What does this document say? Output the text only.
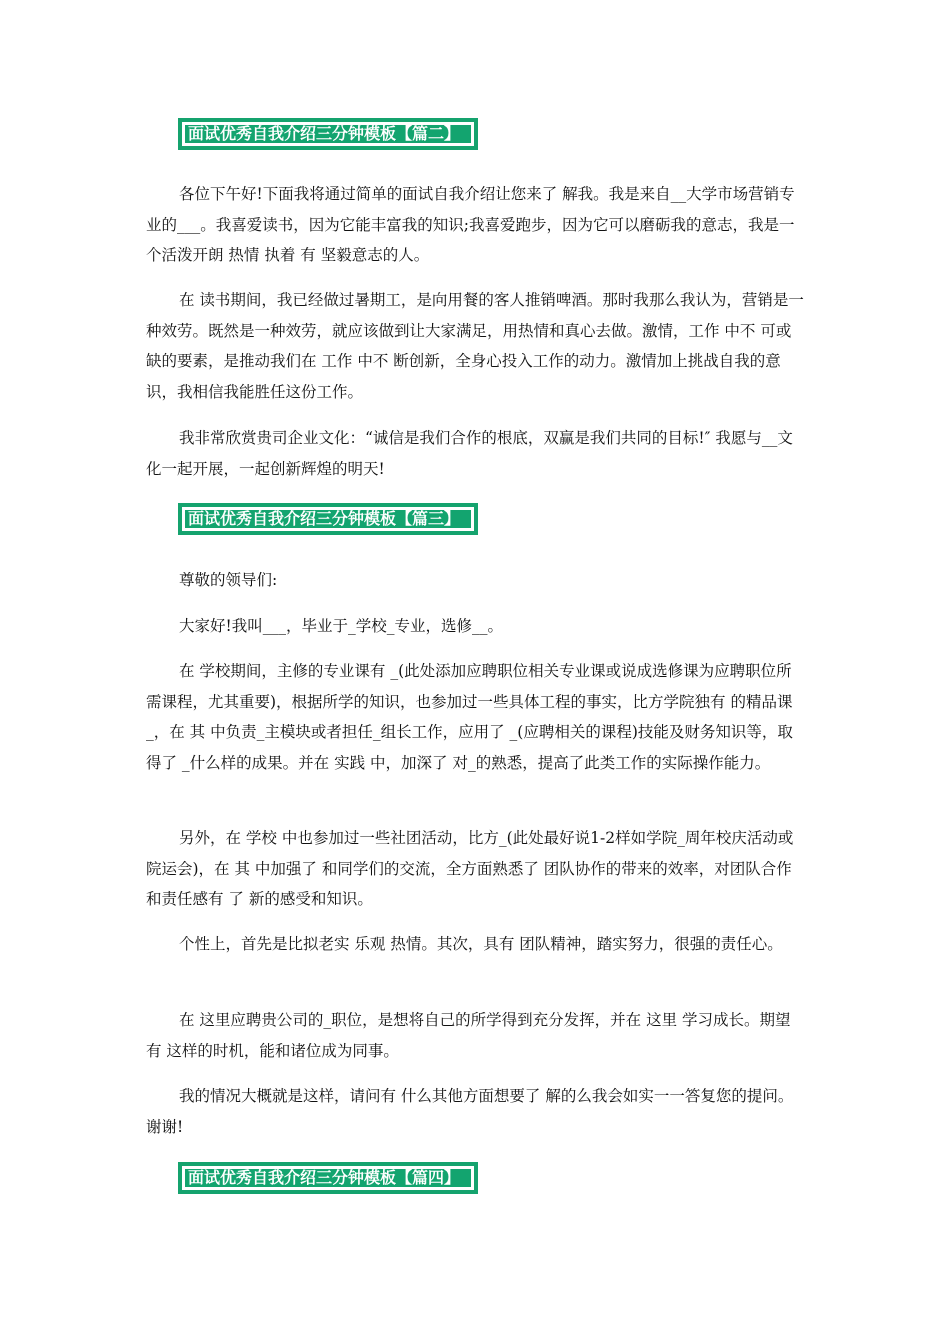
面试优秀自我介绍三分钟模板【篇二】

各位下午好!下面我将通过简单的面试自我介绍让您来了 解我。我是来自__大学市场营销专业的___。我喜爱读书，因为它能丰富我的知识;我喜爱跑步，因为它可以磨砺我的意志，我是一个活泼开朗 热情 执着 有 坚毅意志的人。

在 读书期间，我已经做过暑期工，是向用餐的客人推销啤酒。那时我那么我认为，营销是一种效劳。既然是一种效劳，就应该做到让大家满足，用热情和真心去做。激情，工作 中不 可或缺的要素，是推动我们在 工作 中不 断创新，全身心投入工作的动力。激情加上挑战自我的意识，我相信我能胜任这份工作。

我非常欣赏贵司企业文化：“诚信是我们合作的根底，双赢是我们共同的目标!″ 我愿与__文化一起开展，一起创新辉煌的明天!

面试优秀自我介绍三分钟模板【篇三】

尊敬的领导们:

大家好!我叫___，毕业于_学校_专业，选修__。

在 学校期间，主修的专业课有 _(此处添加应聘职位相关专业课或说成选修课为应聘职位所需课程，尤其重要)，根据所学的知识，也参加过一些具体工程的事实，比方学院独有 的精品课_，在 其 中负责_主模块或者担任_组长工作，应用了 _(应聘相关的课程)技能及财务知识等，取得了 _什么样的成果。并在 实践 中，加深了 对_的熟悉，提高了此类工作的实际操作能力。

另外，在 学校 中也参加过一些社团活动，比方_(此处最好说1-2样如学院_周年校庆活动或院运会)，在 其 中加强了 和同学们的交流，全方面熟悉了 团队协作的带来的效率，对团队合作和责任感有 了 新的感受和知识。

个性上，首先是比拟老实 乐观 热情。其次，具有 团队精神，踏实努力，很强的责任心。

在 这里应聘贵公司的_职位，是想将自己的所学得到充分发挥，并在 这里 学习成长。期望有 这样的时机，能和诸位成为同事。

我的情况大概就是这样，请问有 什么其他方面想要了 解的么我会如实一一答复您的提问。谢谢!

面试优秀自我介绍三分钟模板【篇四】
